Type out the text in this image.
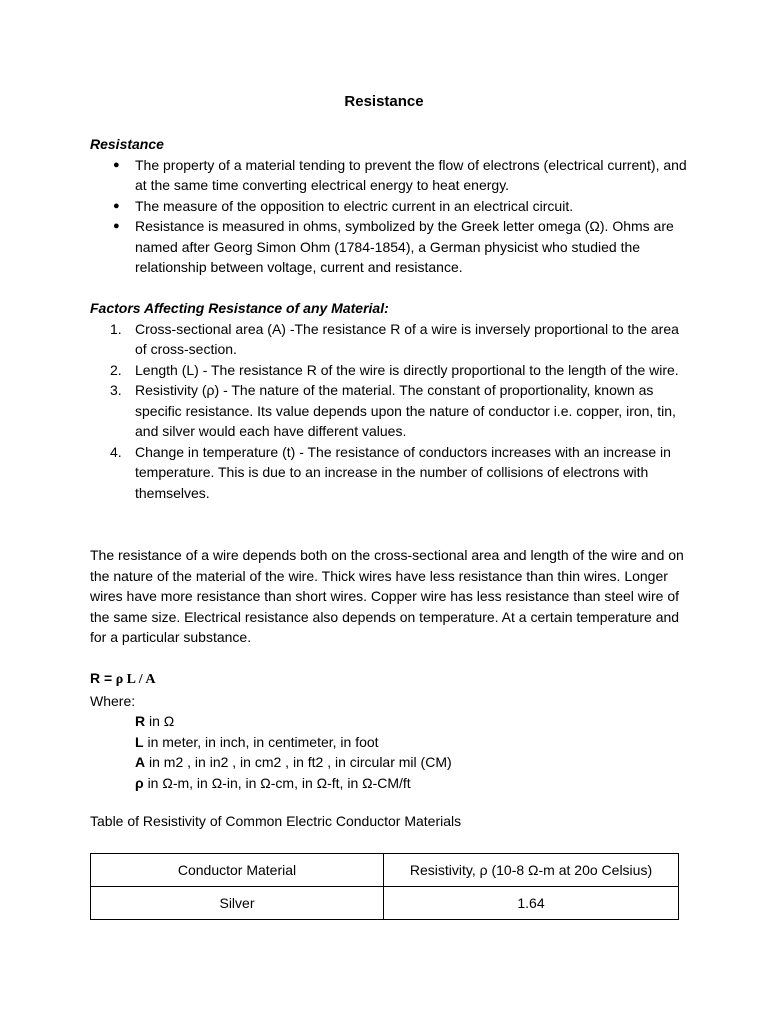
Resistance
Resistance
● The property of a material tending to prevent the flow of electrons (electrical current), and at the same time converting electrical energy to heat energy.
● The measure of the opposition to electric current in an electrical circuit.
● Resistance is measured in ohms, symbolized by the Greek letter omega (Ω). Ohms are named after Georg Simon Ohm (1784-1854), a German physicist who studied the relationship between voltage, current and resistance.
Factors Affecting Resistance of any Material:
1. Cross-sectional area (A) -The resistance R of a wire is inversely proportional to the area of cross-section.
2. Length (L) - The resistance R of the wire is directly proportional to the length of the wire.
3. Resistivity (ρ) - The nature of the material. The constant of proportionality, known as specific resistance. Its value depends upon the nature of conductor i.e. copper, iron, tin, and silver would each have different values.
4. Change in temperature (t) - The resistance of conductors increases with an increase in temperature. This is due to an increase in the number of collisions of electrons with themselves.

The resistance of a wire depends both on the cross-sectional area and length of the wire and on the nature of the material of the wire. Thick wires have less resistance than thin wires. Longer wires have more resistance than short wires. Copper wire has less resistance than steel wire of the same size. Electrical resistance also depends on temperature. At a certain temperature and for a particular substance.

R = ρ L / A
Where:
R in Ω
L in meter, in inch, in centimeter, in foot
A in m2 , in in2 , in cm2 , in ft2 , in circular mil (CM)
ρ in Ω-m, in Ω-in, in Ω-cm, in Ω-ft, in Ω-CM/ft
Table of Resistivity of Common Electric Conductor Materials
Conductor Material	Resistivity, ρ (10-8 Ω-m at 20o Celsius)
Silver	1.64
